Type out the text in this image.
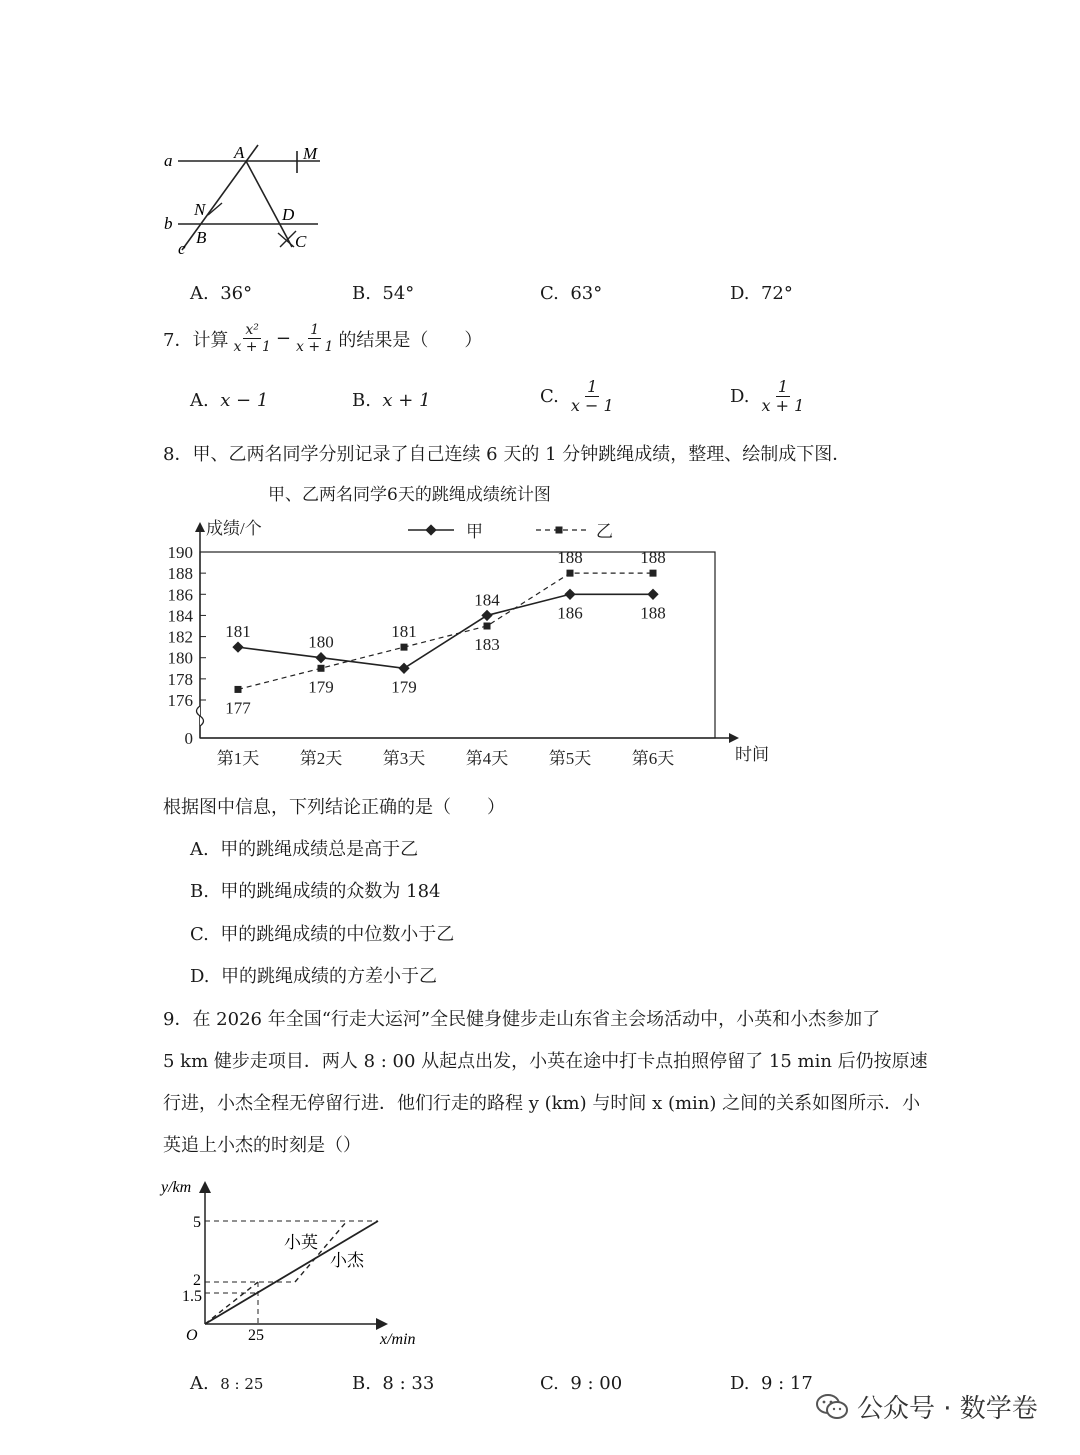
a
b
c
A	M
N	D
B	C
A. 36°	B. 54°	C. 63°	D. 72°
7．计算 $\frac{\text{x²}}{x + 1} - \frac{1}{x + 1}$ 的结果是（　　）
A. x − 1	B. x + 1	C. $\frac{1}{x - 1}$	D. $\frac{1}{x + 1}$
8．甲、乙两名同学分别记录了自己连续 6 天的 1 分钟跳绳成绩，整理、绘制成下图．
甲、乙两名同学6天的跳绳成绩统计图
0
176
178
180
182
184
186
188
190
成绩/个
时间
第1天 第2天 第3天 第4天 第5天 第6天
甲	乙
181
180
179
184
186	188
177
179
181
183
188	188
根据图中信息，下列结论正确的是（　　）
A. 甲的跳绳成绩总是高于乙
B. 甲的跳绳成绩的众数为 184
C. 甲的跳绳成绩的中位数小于乙
D. 甲的跳绳成绩的方差小于乙
9．在 2026 年全国“行走大运河”全民健身健步走山东省主会场活动中，小英和小杰参加了
5 km 健步走项目．两人 8 : 00 从起点出发，小英在途中打卡点拍照停留了 15 min 后仍按原速
行进，小杰全程无停留行进．他们行走的路程 y (km) 与时间 x (min) 之间的关系如图所示．小
英追上小杰的时刻是（）
y/km
x/min
O
5
2
1.5
25
小英
小杰
A. 8 : 25	B. 8 : 33	C. 9 : 00	D. 9 : 17
公众号 · 数学卷
